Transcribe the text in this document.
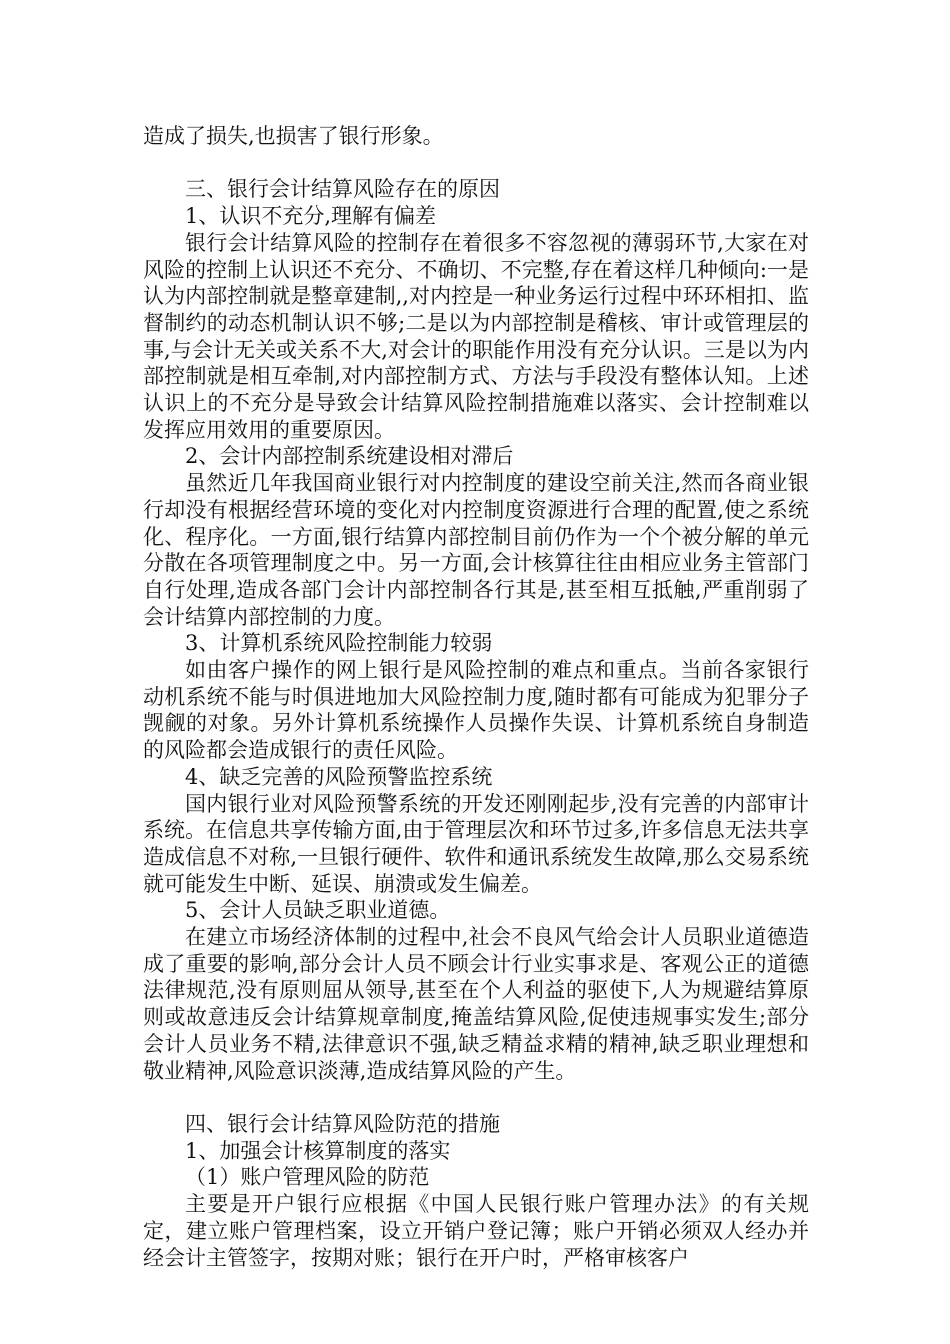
造成了损失,也损害了银行形象。

三、银行会计结算风险存在的原因

1、认识不充分,理解有偏差

银行会计结算风险的控制存在着很多不容忽视的薄弱环节,大家在对风险的控制上认识还不充分、不确切、不完整,存在着这样几种倾向:一是认为内部控制就是整章建制,,对内控是一种业务运行过程中环环相扣、监督制约的动态机制认识不够;二是以为内部控制是稽核、审计或管理层的事,与会计无关或关系不大,对会计的职能作用没有充分认识。三是以为内部控制就是相互牵制,对内部控制方式、方法与手段没有整体认知。上述认识上的不充分是导致会计结算风险控制措施难以落实、会计控制难以发挥应用效用的重要原因。

2、会计内部控制系统建设相对滞后

虽然近几年我国商业银行对内控制度的建设空前关注,然而各商业银行却没有根据经营环境的变化对内控制度资源进行合理的配置,使之系统化、程序化。一方面,银行结算内部控制目前仍作为一个个被分解的单元分散在各项管理制度之中。另一方面,会计核算往往由相应业务主管部门自行处理,造成各部门会计内部控制各行其是,甚至相互抵触,严重削弱了会计结算内部控制的力度。

3、计算机系统风险控制能力较弱

如由客户操作的网上银行是风险控制的难点和重点。当前各家银行动机系统不能与时俱进地加大风险控制力度,随时都有可能成为犯罪分子觊觎的对象。另外计算机系统操作人员操作失误、计算机系统自身制造的风险都会造成银行的责任风险。

4、缺乏完善的风险预警监控系统

国内银行业对风险预警系统的开发还刚刚起步,没有完善的内部审计系统。在信息共享传输方面,由于管理层次和环节过多,许多信息无法共享造成信息不对称,一旦银行硬件、软件和通讯系统发生故障,那么交易系统就可能发生中断、延误、崩溃或发生偏差。

5、会计人员缺乏职业道德。

在建立市场经济体制的过程中,社会不良风气给会计人员职业道德造成了重要的影响,部分会计人员不顾会计行业实事求是、客观公正的道德法律规范,没有原则屈从领导,甚至在个人利益的驱使下,人为规避结算原则或故意违反会计结算规章制度,掩盖结算风险,促使违规事实发生;部分会计人员业务不精,法律意识不强,缺乏精益求精的精神,缺乏职业理想和敬业精神,风险意识淡薄,造成结算风险的产生。

四、银行会计结算风险防范的措施

1、加强会计核算制度的落实

（1）账户管理风险的防范

主要是开户银行应根据《中国人民银行账户管理办法》的有关规定，建立账户管理档案，设立开销户登记簿；账户开销必须双人经办并经会计主管签字，按期对账；银行在开户时，严格审核客户
